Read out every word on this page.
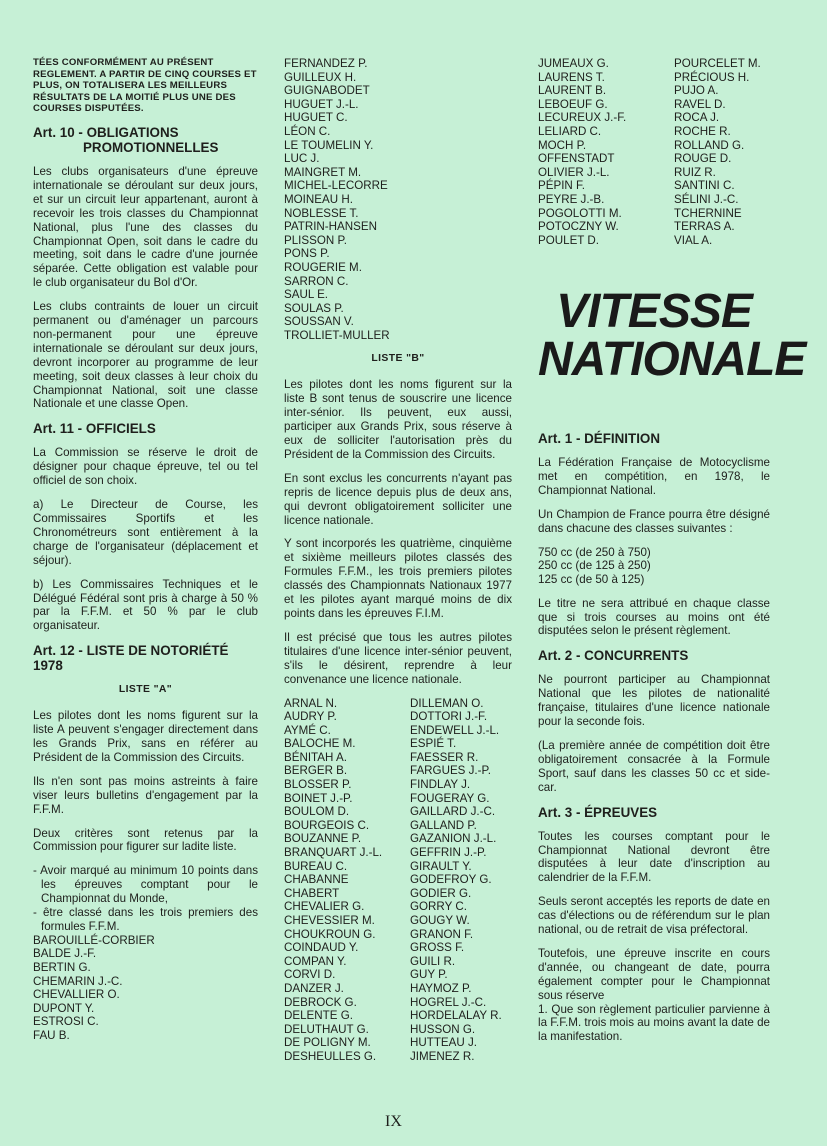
TÉES CONFORMÉMENT AU PRÉSENT REGLEMENT. A PARTIR DE CINQ COURSES ET PLUS, ON TOTALISERA LES MEILLEURS RÉSULTATS DE LA MOITIÉ PLUS UNE DES COURSES DISPUTÉES.

Art. 10 - OBLIGATIONS
PROMOTIONNELLES

Les clubs organisateurs d'une épreuve internationale se déroulant sur deux jours, et sur un circuit leur appartenant, auront à recevoir les trois classes du Championnat National, plus l'une des classes du Championnat Open, soit dans le cadre du meeting, soit dans le cadre d'une journée séparée. Cette obligation est valable pour le club organisateur du Bol d'Or.

Les clubs contraints de louer un circuit permanent ou d'aménager un parcours non-permanent pour une épreuve internationale se déroulant sur deux jours, devront incorporer au programme de leur meeting, soit deux classes à leur choix du Championnat National, soit une classe Nationale et une classe Open.

Art. 11 - OFFICIELS

La Commission se réserve le droit de désigner pour chaque épreuve, tel ou tel officiel de son choix.

a) Le Directeur de Course, les Commissaires Sportifs et les Chronométreurs sont entièrement à la charge de l'organisateur (déplacement et séjour).

b) Les Commissaires Techniques et le Délégué Fédéral sont pris à charge à 50 % par la F.F.M. et 50 % par le club organisateur.

Art. 12 - LISTE DE NOTORIÉTÉ 1978
LISTE "A"

Les pilotes dont les noms figurent sur la liste A peuvent s'engager directement dans les Grands Prix, sans en référer au Président de la Commission des Circuits.

Ils n'en sont pas moins astreints à faire viser leurs bulletins d'engagement par la F.F.M.

Deux critères sont retenus par la Commission pour figurer sur ladite liste.

- Avoir marqué au minimum 10 points dans les épreuves comptant pour le Championnat du Monde,

- être classé dans les trois premiers des formules F.F.M.

BAROUILLÉ-CORBIER
BALDE J.-F.
BERTIN G.
CHEMARIN J.-C.
CHEVALLIER O.
DUPONT Y.
ESTROSI C.
FAU B.
FERNANDEZ P.
GUILLEUX H.
GUIGNABODET
HUGUET J.-L.
HUGUET C.
LÉON C.
LE TOUMELIN Y.
LUC J.
MAINGRET M.
MICHEL-LECORRE
MOINEAU H.
NOBLESSE T.
PATRIN-HANSEN
PLISSON P.
PONS P.
ROUGERIE M.
SARRON C.
SAUL E.
SOULAS P.
SOUSSAN V.
TROLLIET-MULLER
LISTE "B"

Les pilotes dont les noms figurent sur la liste B sont tenus de souscrire une licence inter-sénior. Ils peuvent, eux aussi, participer aux Grands Prix, sous réserve à eux de solliciter l'autorisation près du Président de la Commission des Circuits.

En sont exclus les concurrents n'ayant pas repris de licence depuis plus de deux ans, qui devront obligatoirement solliciter une licence nationale.

Y sont incorporés les quatrième, cinquième et sixième meilleurs pilotes classés des Formules F.F.M., les trois premiers pilotes classés des Championnats Nationaux 1977 et les pilotes ayant marqué moins de dix points dans les épreuves F.I.M.

Il est précisé que tous les autres pilotes titulaires d'une licence inter-sénior peuvent, s'ils le désirent, reprendre à leur convenance une licence nationale.

ARNAL N.
AUDRY P.
AYMÉ C.
BALOCHE M.
BÉNITAH A.
BERGER B.
BLOSSER P.
BOINET J.-P.
BOULOM D.
BOURGEOIS C.
BOUZANNE P.
BRANQUART J.-L.
BUREAU C.
CHABANNE
CHABERT
CHEVALIER G.
CHEVESSIER M.
CHOUKROUN G.
COINDAUD Y.
COMPAN Y.
CORVI D.
DANZER J.
DEBROCK G.
DELENTE G.
DELUTHAUT G.
DE POLIGNY M.
DESHEULLES G.
DILLEMAN O.
DOTTORI J.-F.
ENDEWELL J.-L.
ESPIÉ T.
FAESSER R.
FARGUES J.-P.
FINDLAY J.
FOUGERAY G.
GAILLARD J.-C.
GALLAND P.
GAZANION J.-L.
GEFFRIN J.-P.
GIRAULT Y.
GODEFROY G.
GODIER G.
GORRY C.
GOUGY W.
GRANON F.
GROSS F.
GUILI R.
GUY P.
HAYMOZ P.
HOGREL J.-C.
HORDELALAY R.
HUSSON G.
HUTTEAU J.
JIMENEZ R.
JUMEAUX G.
LAURENS T.
LAURENT B.
LEBOEUF G.
LECUREUX J.-F.
LELIARD C.
MOCH P.
OFFENSTADT
OLIVIER J.-L.
PÉPIN F.
PEYRE J.-B.
POGOLOTTI M.
POTOCZNY W.
POULET D.
POURCELET M.
PRÉCIOUS H.
PUJO A.
RAVEL D.
ROCA J.
ROCHE R.
ROLLAND G.
ROUGE D.
RUIZ R.
SANTINI C.
SÉLINI J.-C.
TCHERNINE
TERRAS A.
VIAL A.
Art. 1 - DÉFINITION

La Fédération Française de Motocyclisme met en compétition, en 1978, le Championnat National.

Un Champion de France pourra être désigné dans chacune des classes suivantes :

750 cc (de 250 à 750)
250 cc (de 125 à 250)
125 cc (de 50 à 125)

Le titre ne sera attribué en chaque classe que si trois courses au moins ont été disputées selon le présent règlement.

Art. 2 - CONCURRENTS

Ne pourront participer au Championnat National que les pilotes de nationalité française, titulaires d'une licence nationale pour la seconde fois.

(La première année de compétition doit être obligatoirement consacrée à la Formule Sport, sauf dans les classes 50 cc et side-car.

Art. 3 - ÉPREUVES

Toutes les courses comptant pour le Championnat National devront être disputées à leur date d'inscription au calendrier de la F.F.M.

Seuls seront acceptés les reports de date en cas d'élections ou de référendum sur le plan national, ou de retrait de visa préfectoral.

Toutefois, une épreuve inscrite en cours d'année, ou changeant de date, pourra également compter pour le Championnat sous réserve

1. Que son règlement particulier parvienne à la F.F.M. trois mois au moins avant la date de la manifestation.

VITESSE
NATIONALE
IX
